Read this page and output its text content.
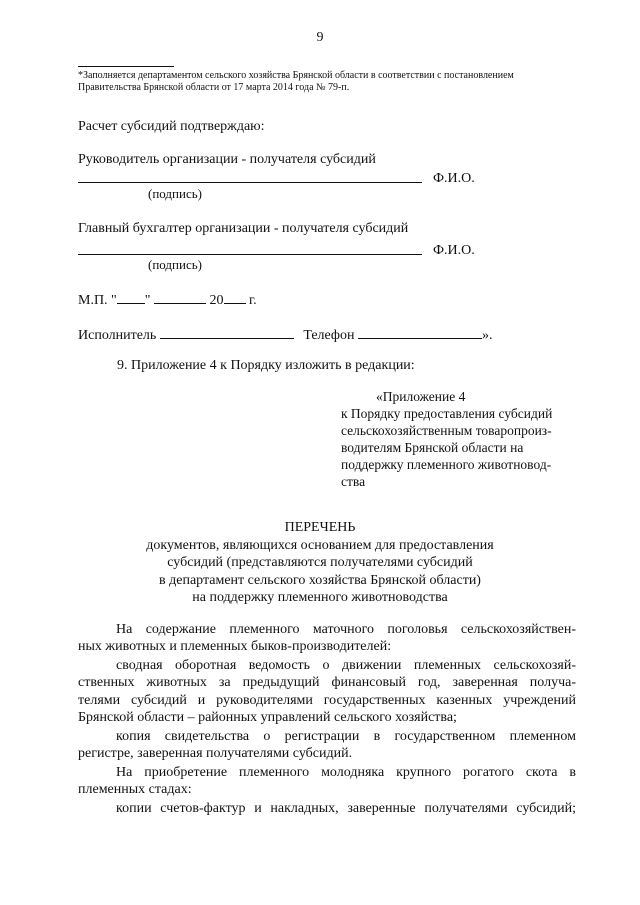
9
*Заполняется департаментом сельского хозяйства Брянской области в соответствии с постановлением
Правительства Брянской области от 17 марта 2014 года № 79-п.
Расчет субсидий подтверждаю:
Руководитель организации - получателя субсидий
Ф.И.О.
(подпись)
Главный бухгалтер организации - получателя субсидий
Ф.И.О.
(подпись)
М.П. " "	20 г.
Исполнитель	Телефон	».
9. Приложение 4 к Порядку изложить в редакции:
«Приложение 4
к Порядку предоставления субсидий
сельскохозяйственным товаропроиз-
водителям Брянской области на
поддержку племенного животновод-
ства
ПЕРЕЧЕНЬ
документов, являющихся основанием для предоставления
субсидий (представляются получателями субсидий
в департамент сельского хозяйства Брянской области)
на поддержку племенного животноводства
На содержание племенного маточного поголовья сельскохозяйствен-
ных животных и племенных быков-производителей:
сводная оборотная ведомость о движении племенных сельскохозяй-
ственных животных за предыдущий финансовый год, заверенная получа-
телями субсидий и руководителями государственных казенных учреждений
Брянской области – районных управлений сельского хозяйства;
копия свидетельства о регистрации в государственном племенном
регистре, заверенная получателями субсидий.
На приобретение племенного молодняка крупного рогатого скота в
племенных стадах:
копии счетов-фактур и накладных, заверенные получателями субсидий;
